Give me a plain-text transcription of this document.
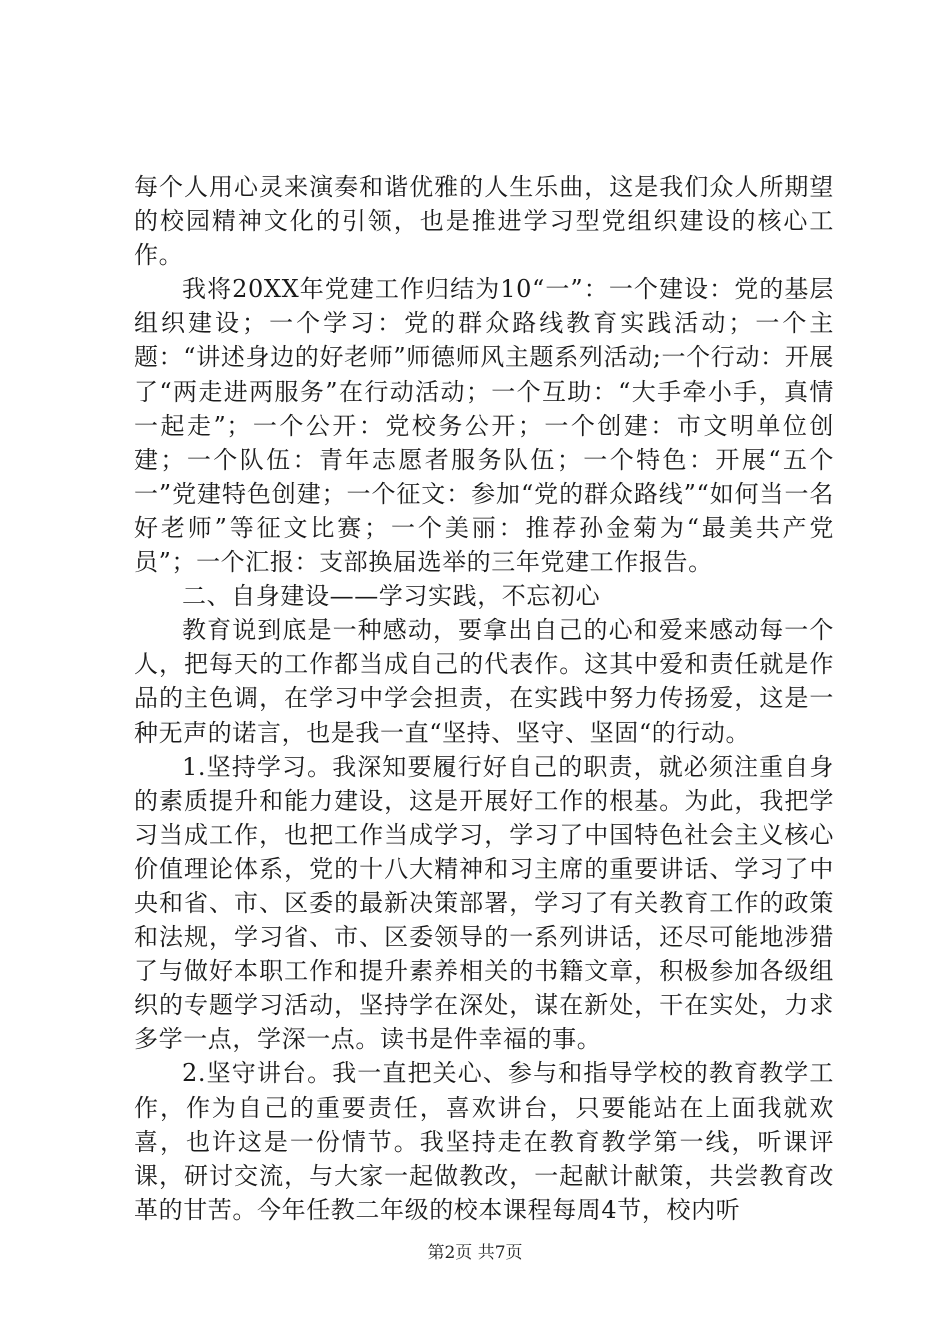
每个人用心灵来演奏和谐优雅的人生乐曲，这是我们众人所期望的校园精神文化的引领，也是推进学习型党组织建设的核心工作。

我将20XX年党建工作归结为10“一”：一个建设：党的基层组织建设；一个学习：党的群众路线教育实践活动；一个主题：“讲述身边的好老师”师德师风主题系列活动;一个行动：开展了“两走进两服务”在行动活动；一个互助：“大手牵小手，真情一起走”；一个公开：党校务公开；一个创建：市文明单位创建；一个队伍：青年志愿者服务队伍；一个特色：开展“五个一”党建特色创建；一个征文：参加“党的群众路线”“如何当一名好老师”等征文比赛；一个美丽：推荐孙金菊为“最美共产党员”；一个汇报：支部换届选举的三年党建工作报告。

二、自身建设——学习实践，不忘初心

教育说到底是一种感动，要拿出自己的心和爱来感动每一个人，把每天的工作都当成自己的代表作。这其中爱和责任就是作品的主色调，在学习中学会担责，在实践中努力传扬爱，这是一种无声的诺言，也是我一直“坚持、坚守、坚固“的行动。

1.坚持学习。我深知要履行好自己的职责，就必须注重自身的素质提升和能力建设，这是开展好工作的根基。为此，我把学习当成工作，也把工作当成学习，学习了中国特色社会主义核心价值理论体系，党的十八大精神和习主席的重要讲话、学习了中央和省、市、区委的最新决策部署，学习了有关教育工作的政策和法规，学习省、市、区委领导的一系列讲话，还尽可能地涉猎了与做好本职工作和提升素养相关的书籍文章，积极参加各级组织的专题学习活动，坚持学在深处，谋在新处，干在实处，力求多学一点，学深一点。读书是件幸福的事。

2.坚守讲台。我一直把关心、参与和指导学校的教育教学工作，作为自己的重要责任，喜欢讲台，只要能站在上面我就欢喜，也许这是一份情节。我坚持走在教育教学第一线，听课评课，研讨交流，与大家一起做教改，一起献计献策，共尝教育改革的甘苦。今年任教二年级的校本课程每周4节，校内听

第2页 共7页
